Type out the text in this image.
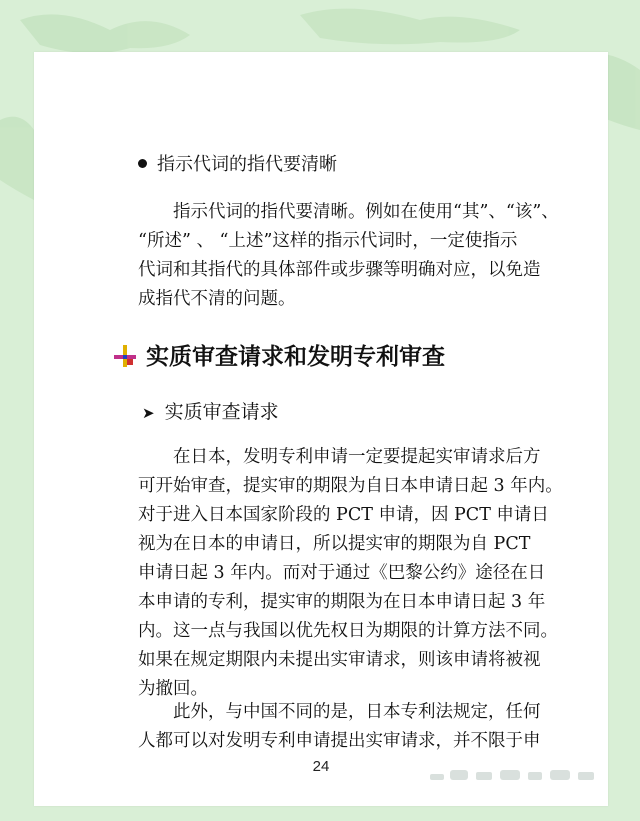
指示代词的指代要清晰
　　指示代词的指代要清晰。例如在使用“其”、“该”、
“所述” 、 “上述”这样的指示代词时，一定使指示
代词和其指代的具体部件或步骤等明确对应，以免造
成指代不清的问题。
实质审查请求和发明专利审查
➤ 实质审查请求
　　在日本，发明专利申请一定要提起实审请求后方
可开始审查，提实审的期限为自日本申请日起 3 年内。
对于进入日本国家阶段的 PCT 申请，因 PCT 申请日
视为在日本的申请日，所以提实审的期限为自 PCT
申请日起 3 年内。而对于通过《巴黎公约》途径在日
本申请的专利，提实审的期限为在日本申请日起 3 年
内。这一点与我国以优先权日为期限的计算方法不同。
如果在规定期限内未提出实审请求，则该申请将被视
为撤回。
　　此外，与中国不同的是，日本专利法规定，任何
人都可以对发明专利申请提出实审请求，并不限于申
24
